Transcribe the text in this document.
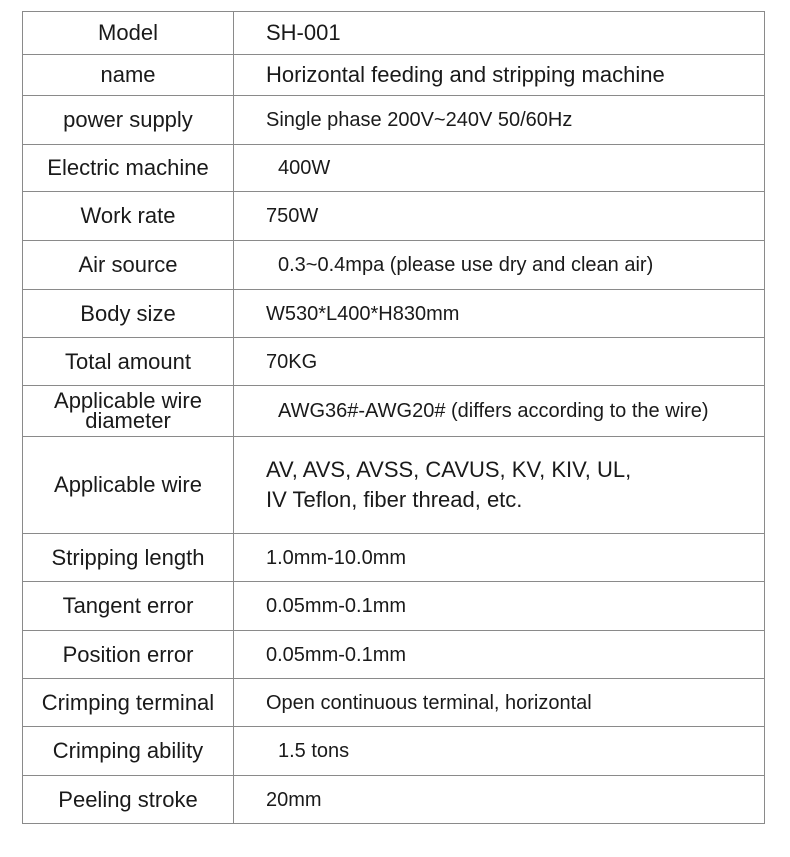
Model	SH-001
name	Horizontal feeding and stripping machine
power supply	Single phase 200V~240V 50/60Hz
Electric machine	400W
Work rate	750W
Air source	0.3~0.4mpa (please use dry and clean air)
Body size	W530*L400*H830mm
Total amount	70KG

Applicable wire
diameter	AWG36#-AWG20# (differs according to the wire)
Applicable wire	AV, AVS, AVSS, CAVUS, KV, KIV, UL,
IV Teflon, fiber thread, etc.

Stripping length	1.0mm-10.0mm
Tangent error	0.05mm-0.1mm
Position error	0.05mm-0.1mm
Crimping terminal	Open continuous terminal, horizontal
Crimping ability	1.5 tons
Peeling stroke	20mm
